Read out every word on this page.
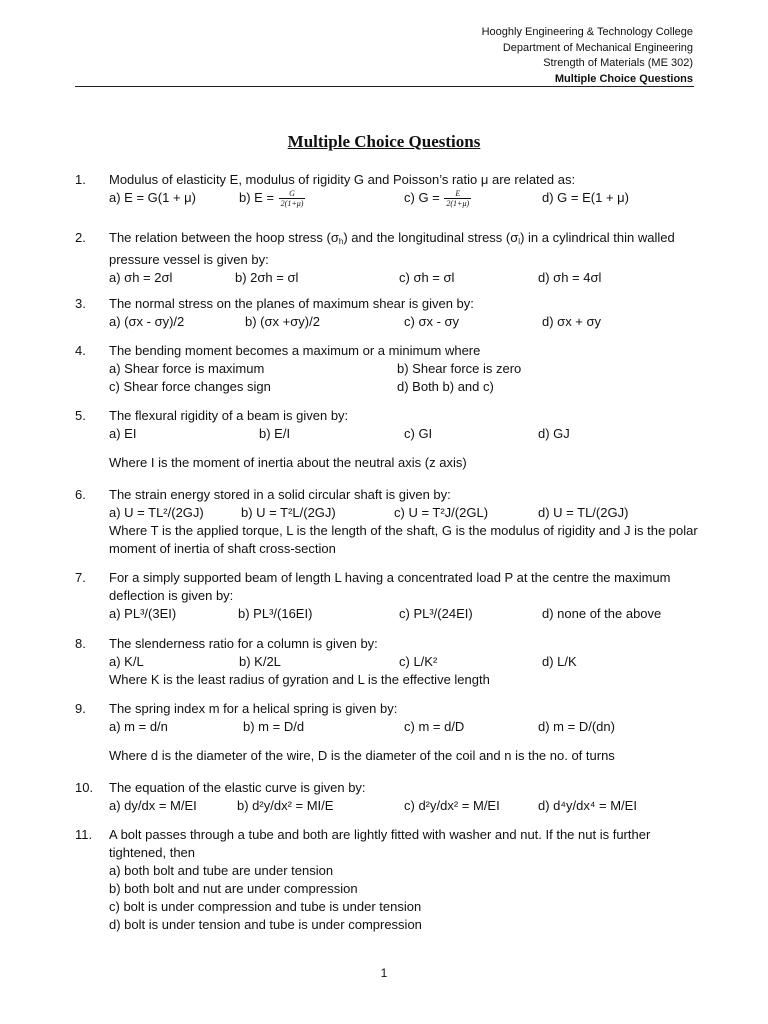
Hooghly Engineering & Technology College
Department of Mechanical Engineering
Strength of Materials (ME 302)
Multiple Choice Questions
Multiple Choice Questions
1. Modulus of elasticity E, modulus of rigidity G and Poisson’s ratio μ are related as:
a) E = G(1 + μ)	b) $E = \frac{G}{2(1+\mu)}$	c) $G = \frac{E}{2(1+\mu)}$	d) G = E(1 + μ)
2. The relation between the hoop stress $(\sigma_h)$ and the longitudinal stress $(\sigma_l)$ in a cylindrical thin walled pressure vessel is given by:
a) σh = 2σl	b) 2σh = σl	c) σh = σl	d) σh = 4σl
3. The normal stress on the planes of maximum shear is given by:
a) (σx - σy)/2	b) (σx +σy)/2	c) σx - σy	d) σx + σy
4. The bending moment becomes a maximum or a minimum where
a) Shear force is maximum	b) Shear force is zero
c) Shear force changes sign	d) Both b) and c)
5. The flexural rigidity of a beam is given by:
a) EI	b) E/I	c) GI	d) GJ
Where I is the moment of inertia about the neutral axis (z axis)
6. The strain energy stored in a solid circular shaft is given by:
a) U = TL²/(2GJ)	b) U = T²L/(2GJ)	c) U = T²J/(2GL)	d) U = TL/(2GJ)
Where T is the applied torque, L is the length of the shaft, G is the modulus of rigidity and J is the polar moment of inertia of shaft cross-section
7. For a simply supported beam of length L having a concentrated load P at the centre the maximum deflection is given by:
a) PL³/(3EI)	b) PL³/(16EI)	c) PL³/(24EI)	d) none of the above
8. The slenderness ratio for a column is given by:
a) K/L	b) K/2L	c) L/K²	d) L/K
Where K is the least radius of gyration and L is the effective length
9. The spring index m for a helical spring is given by:
a) m = d/n	b) m = D/d	c) m = d/D	d) m = D/(dn)
Where d is the diameter of the wire, D is the diameter of the coil and n is the no. of turns
10. The equation of the elastic curve is given by:
a) dy/dx = M/EI	b) d²y/dx² = MI/E	c) d²y/dx² = M/EI	d) d⁴y/dx⁴ = M/EI
11. A bolt passes through a tube and both are lightly fitted with washer and nut. If the nut is further tightened, then
a) both bolt and tube are under tension
b) both bolt and nut are under compression
c) bolt is under compression and tube is under tension
d) bolt is under tension and tube is under compression
1
